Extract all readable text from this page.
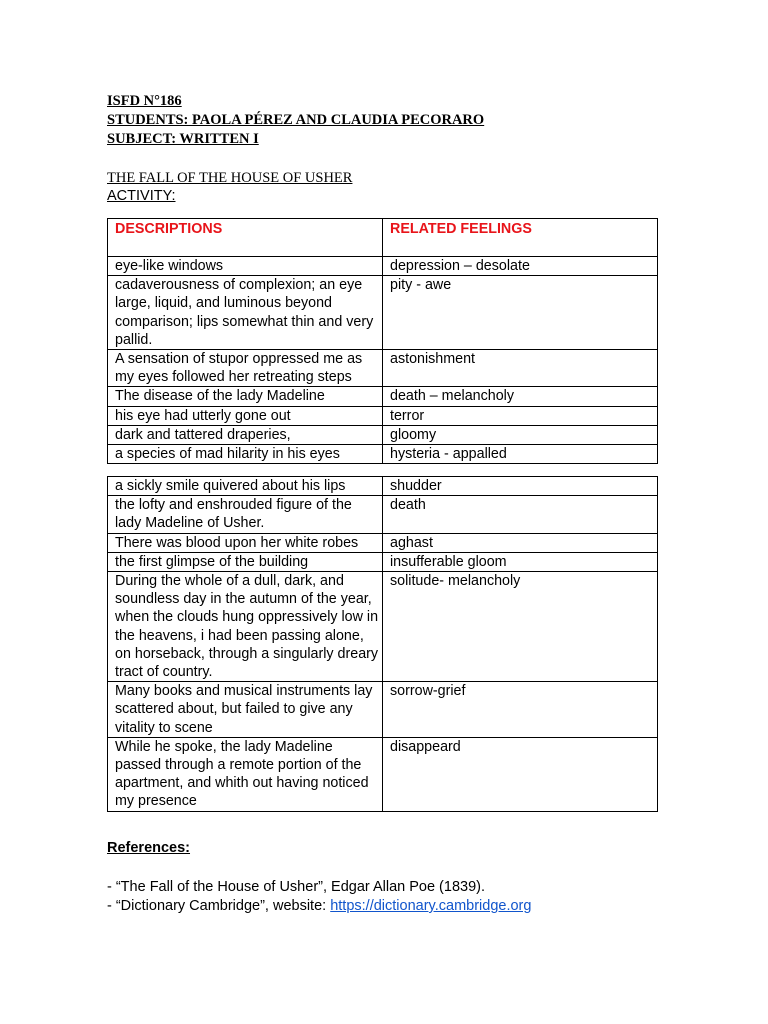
ISFD N°186
STUDENTS: PAOLA PÉREZ AND CLAUDIA PECORARO
SUBJECT: WRITTEN I
THE FALL OF THE HOUSE OF USHER
ACTIVITY:
DESCRIPTIONS	RELATED FEELINGS
eye-like windows	depression – desolate
cadaverousness of complexion; an eye large, liquid, and luminous beyond comparison; lips somewhat thin and very pallid.	pity - awe
A sensation of stupor oppressed me as my eyes followed her retreating steps	astonishment
The disease of the lady Madeline	death – melancholy
his eye had utterly gone out	terror
dark and tattered draperies,	gloomy
a species of mad hilarity in his eyes	hysteria - appalled
a sickly smile quivered about his lips	shudder
the lofty and enshrouded figure of the lady Madeline of Usher.	death
There was blood upon her white robes	aghast
the first glimpse of the building	insufferable gloom
During the whole of a dull, dark, and soundless day in the autumn of the year, when the clouds hung oppressively low in the heavens, i had been passing alone, on horseback, through a singularly dreary tract of country.	solitude- melancholy
Many books and musical instruments lay scattered about, but failed to give any vitality to scene	sorrow-grief
While he spoke, the lady Madeline passed through a remote portion of the apartment, and whith out having noticed my presence	disappeard
References:
- “The Fall of the House of Usher”, Edgar Allan Poe (1839).
- “Dictionary Cambridge”, website: https://dictionary.cambridge.org
